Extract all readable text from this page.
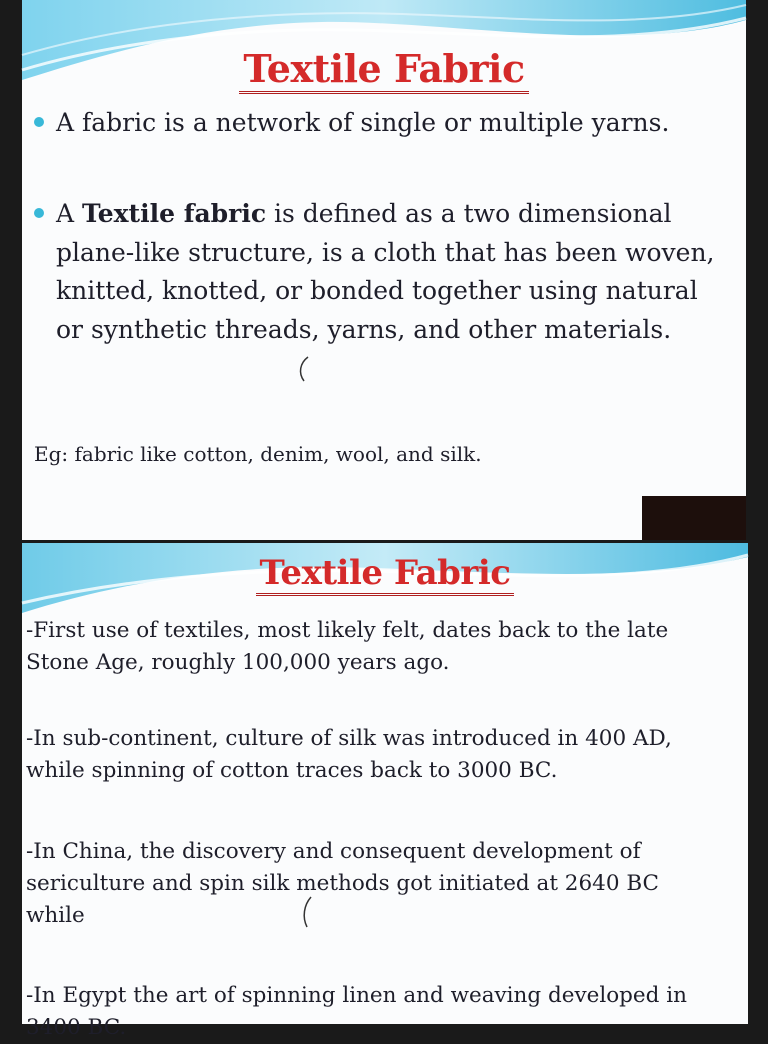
Textile Fabric
A fabric is a network of single or multiple yarns.
A Textile fabric is defined as a two dimensional plane-like structure, is a cloth that has been woven, knitted, knotted, or bonded together using natural or synthetic threads, yarns, and other materials.
Eg: fabric like cotton, denim, wool, and silk.
Textile Fabric
-First use of textiles, most likely felt, dates back to the late Stone Age, roughly 100,000 years ago.
-In sub-continent, culture of silk was introduced in 400 AD, while spinning of cotton traces back to 3000 BC.
-In China, the discovery and consequent development of sericulture and spin silk methods got initiated at 2640 BC while
-In Egypt the art of spinning linen and weaving developed in 3400 BC.
